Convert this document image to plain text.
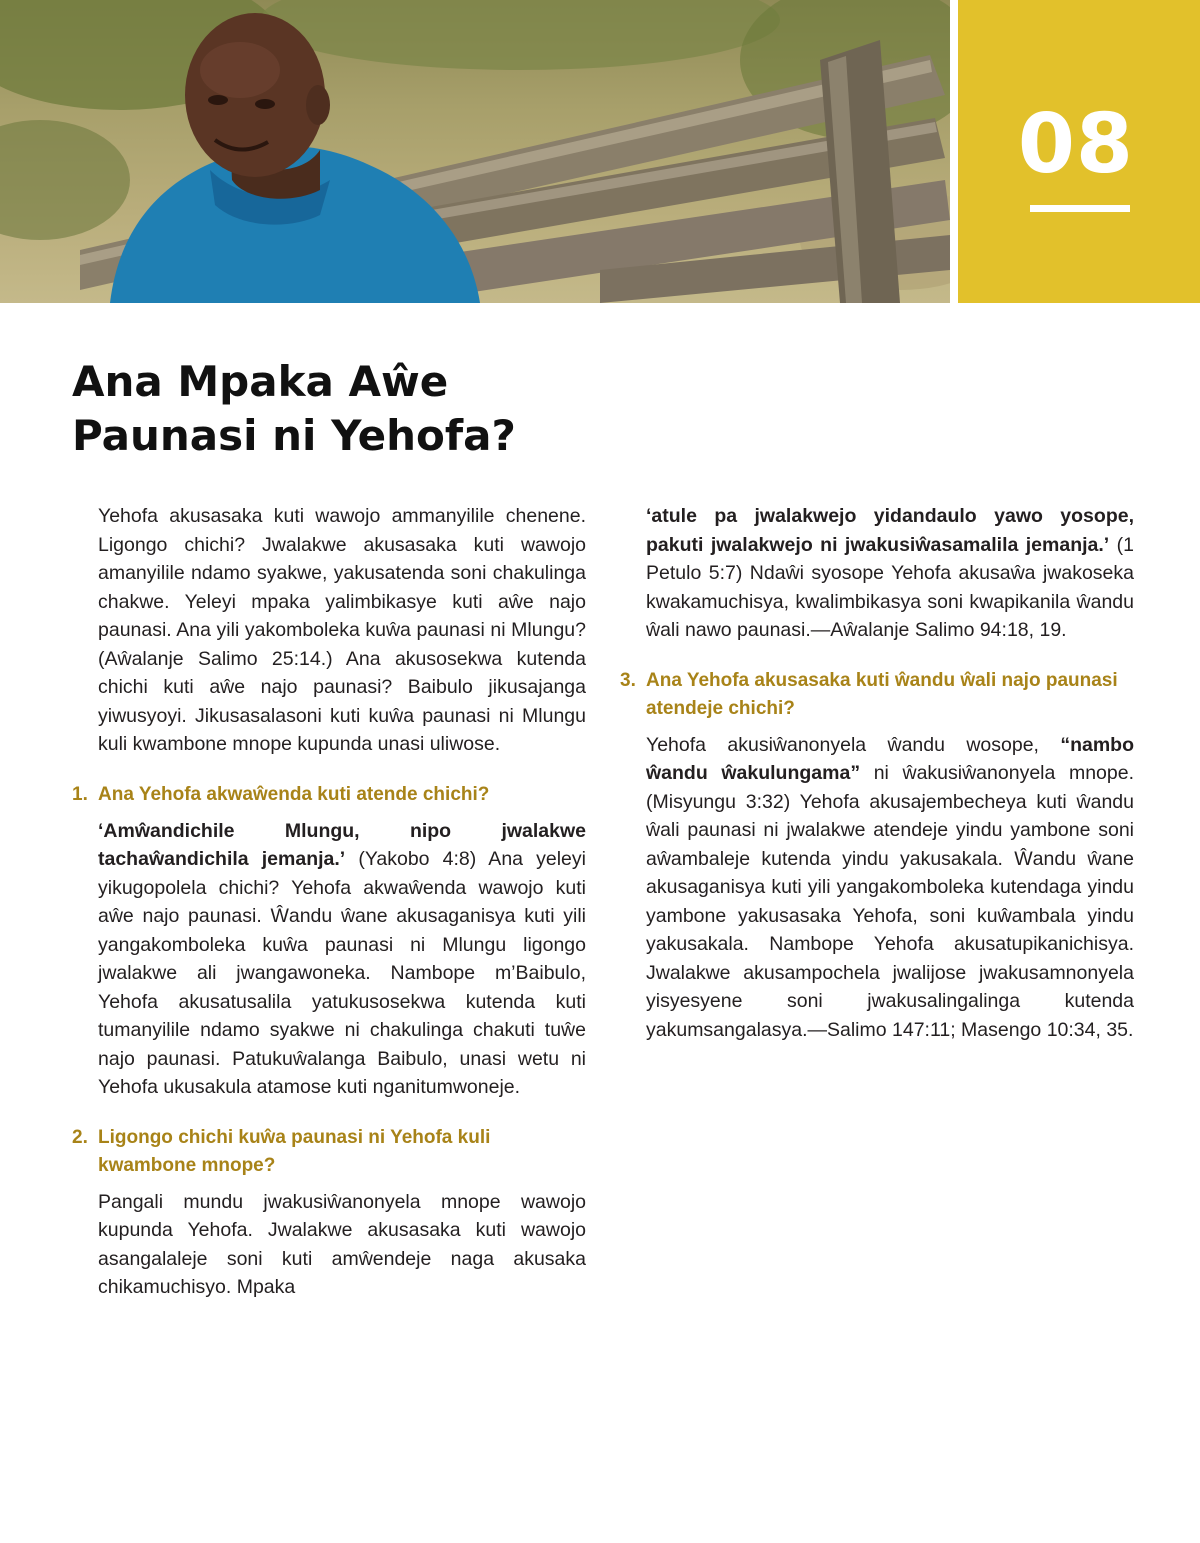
08
Ana Mpaka Aŵe
Paunasi ni Yehofa?

Yehofa akusasaka kuti wawojo ammanyilile chenene. Ligongo chichi? Jwalakwe akusasaka kuti wawojo amanyilile ndamo syakwe, yakusatenda soni chakulinga chakwe. Yeleyi mpaka yalimbikasye kuti aŵe najo paunasi. Ana yili yakomboleka kuŵa paunasi ni Mlungu? (Aŵalanje Salimo 25:14.) Ana akusosekwa kutenda chichi kuti aŵe najo paunasi? Baibulo jikusajanga yiwusyoyi. Jikusasalasoni kuti kuŵa paunasi ni Mlungu kuli kwambone mnope kupunda unasi uliwose.

1. Ana Yehofa akwaŵenda kuti atende chichi?

‘Amŵandichile Mlungu, nipo jwalakwe tachaŵandichila jemanja.’ (Yakobo 4:8) Ana yeleyi yikugopolela chichi? Yehofa akwaŵenda wawojo kuti aŵe najo paunasi. Ŵandu ŵane akusaganisya kuti yili yangakomboleka kuŵa paunasi ni Mlungu ligongo jwalakwe ali jwangawoneka. Nambope m’Baibulo, Yehofa akusatusalila yatukusosekwa kutenda kuti tumanyilile ndamo syakwe ni chakulinga chakuti tuŵe najo paunasi. Patukuŵalanga Baibulo, unasi wetu ni Yehofa ukusakula atamose kuti nganitumwoneje.

2. Ligongo chichi kuŵa paunasi ni Yehofa kuli kwambone mnope?

Pangali mundu jwakusiŵanonyela mnope wawojo kupunda Yehofa. Jwalakwe akusasaka kuti wawojo asangalaleje soni kuti amŵendeje naga akusaka chikamuchisyo. Mpaka

‘atule pa jwalakwejo yidandaulo yawo yosope, pakuti jwalakwejo ni jwakusiŵasamalila jemanja.’ (1 Petulo 5:7) Ndaŵi syosope Yehofa akusaŵa jwakoseka kwakamuchisya, kwalimbikasya soni kwapikanila ŵandu ŵali nawo paunasi.—Aŵalanje Salimo 94:18, 19.

3. Ana Yehofa akusasaka kuti ŵandu ŵali najo paunasi atendeje chichi?

Yehofa akusiŵanonyela ŵandu wosope, “nambo ŵandu ŵakulungama” ni ŵakusiŵanonyela mnope. (Misyungu 3:32) Yehofa akusajembecheya kuti ŵandu ŵali paunasi ni jwalakwe atendeje yindu yambone soni aŵambaleje kutenda yindu yakusakala. Ŵandu ŵane akusaganisya kuti yili yangakomboleka kutendaga yindu yambone yakusasaka Yehofa, soni kuŵambala yindu yakusakala. Nambope Yehofa akusatupikanichisya. Jwalakwe akusampochela jwalijose jwakusamnonyela yisyesyene soni jwakusalingalinga kutenda yakumsangalasya.—Salimo 147:11; Masengo 10:34, 35.
